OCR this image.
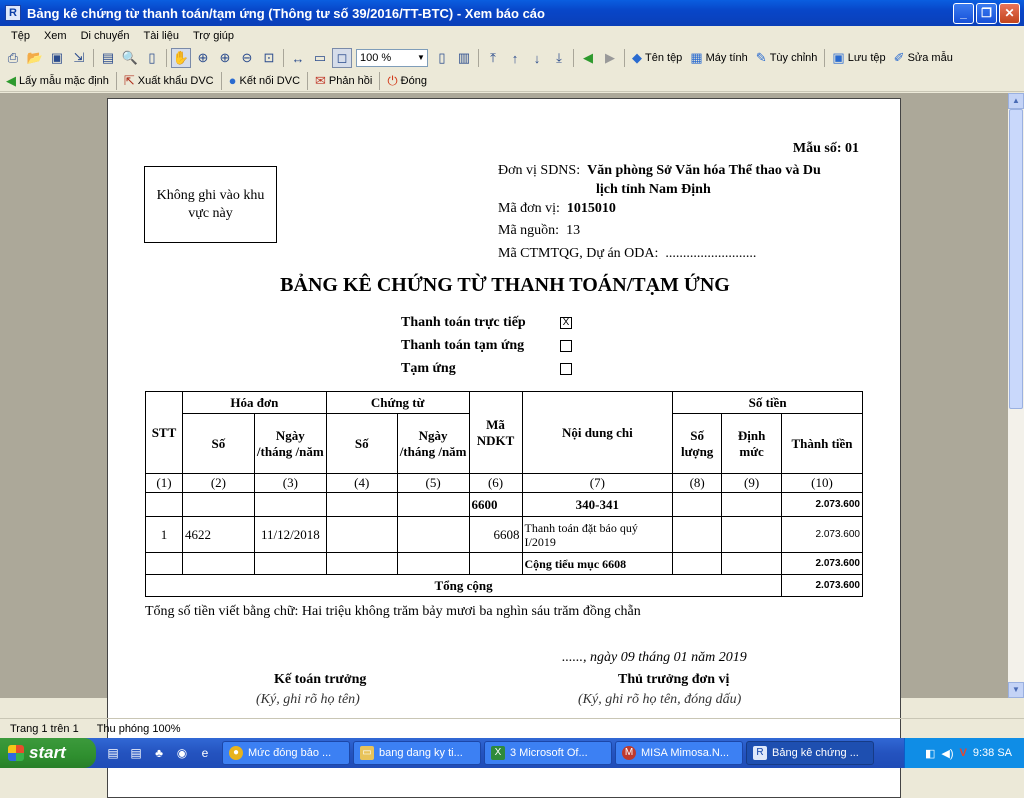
R Bảng kê chứng từ thanh toán/tạm ứng (Thông tư số 39/2016/TT-BTC) - Xem báo cáo	_	❐	✕
Tệp	Xem	Di chuyển	Tài liệu	Trợ giúp
⎙ 📂 ▣ ⇲	▤ 🔍 ▯	✋ ⊕ ⊕ ⊖ ⊡	↔ ▭ ◻	100 %	▼	▯ ▥	⤒	↑	↓	⤓	◀ ▶	◆ Tên tệp ▦ Máy tính ✎ Tùy chỉnh ▣ Lưu tệp ✐ Sửa mẫu
◀ Lấy mẫu mặc định ⇱ Xuất khẩu DVC ● Kết nối DVC ✉ Phản hồi ⏻ Đóng
Mẫu số: 01
Không ghi vào khu vực này
Đơn vị SDNS: Văn phòng Sở Văn hóa Thể thao và Du
lịch tỉnh Nam Định
Mã đơn vị: 1015010
Mã nguồn: 13
Mã CTMTQG, Dự án ODA: ..........................
BẢNG KÊ CHỨNG TỪ THANH TOÁN/TẠM ỨNG
Thanh toán trực tiếp	X
Thanh toán tạm ứng
Tạm ứng
STT	Hóa đơn		Chứng từ		Mã NDKT	Nội dung chi	Số tiền		
	Số	Ngày /tháng /năm	Số	Ngày /tháng /năm			Số lượng	Định mức	Thành tiền
(1)	(2)	(3)	(4)	(5)	(6)	(7)	(8)	(9)	(10)
					6600	340-341			2.073.600
1	4622	11/12/2018			6608	Thanh toán đặt báo quý I/2019			2.073.600
						Cộng tiểu mục 6608			2.073.600
Tổng cộng									2.073.600
Tổng số tiền viết bằng chữ: Hai triệu không trăm bảy mươi ba nghìn sáu trăm đồng chẵn
......, ngày 09 tháng 01 năm 2019
Kế toán trưởng	Thủ trưởng đơn vị
(Ký, ghi rõ họ tên)	(Ký, ghi rõ họ tên, đóng dấu)
▲
▼
Trang 1 trên 1 Thu phóng 100%
start	▤ ▤	♣	◉	e	● Mức đóng bảo ...	▭ bang dang ky ti...	X 3 Microsoft Of...	M MISA Mimosa.N...	R Bảng kê chứng ...	◧ ◀) V 9:38 SA
